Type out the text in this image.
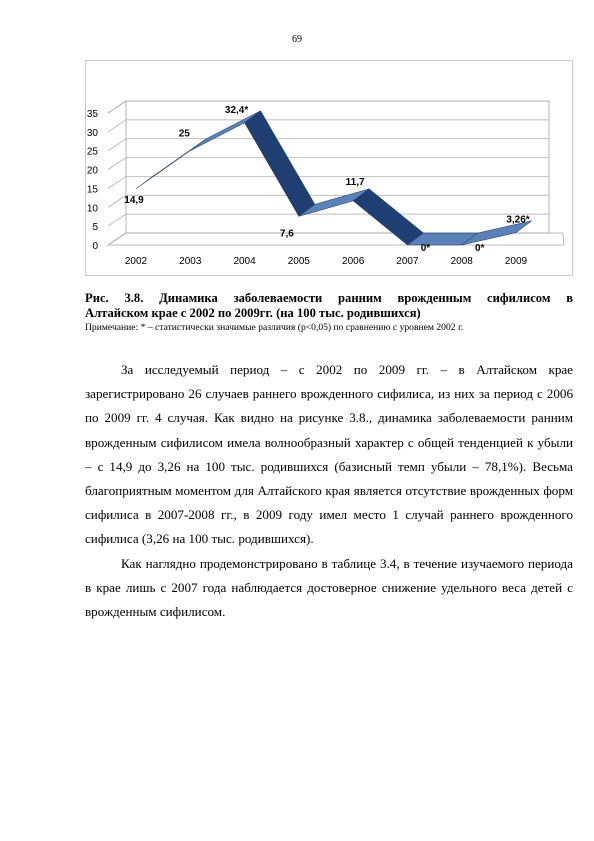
69
0
5
10
15
20
25
30
35
14,9
25
32,4*
7,6
11,7
0*	0*
3,26*
2002	2003	2004	2005	2006	2007	2008	2009
Рис. 3.8. Динамика заболеваемости ранним врожденным сифилисом в
Алтайском крае с 2002 по 2009гг. (на 100 тыс. родившихся)
Примечание: * – статистически значимые различия (p<0,05) по сравнению с уровнем 2002 г.

За исследуемый период – с 2002 по 2009 гг. – в Алтайском крае зарегистрировано 26 случаев раннего врожденного сифилиса, из них за период с 2006 по 2009 гг. 4 случая. Как видно на рисунке 3.8., динамика заболеваемости ранним врожденным сифилисом имела волнообразный характер с общей тенденцией к убыли – с 14,9 до 3,26 на 100 тыс. родившихся (базисный темп убыли – 78,1%). Весьма благоприятным моментом для Алтайского края является отсутствие врожденных форм сифилиса в 2007-2008 гг., в 2009 году имел место 1 случай раннего врожденного сифилиса (3,26 на 100 тыс. родившихся).

Как наглядно продемонстрировано в таблице 3.4, в течение изучаемого периода в крае лишь с 2007 года наблюдается достоверное снижение удельного веса детей с врожденным сифилисом.
